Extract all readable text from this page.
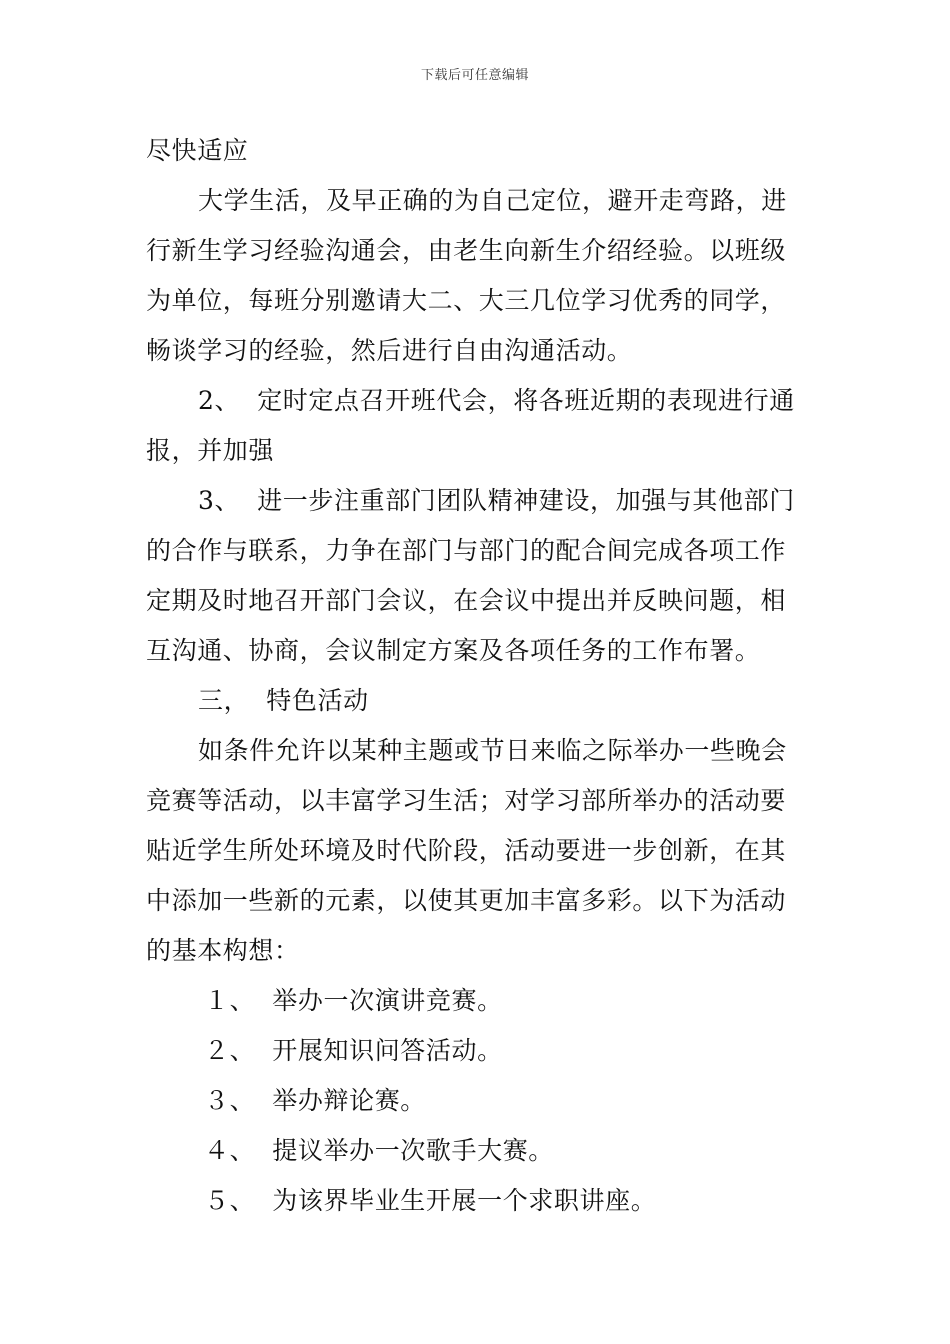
下载后可任意编辑
尽快适应
大学生活，及早正确的为自己定位，避开走弯路，进
行新生学习经验沟通会，由老生向新生介绍经验。以班级
为单位，每班分别邀请大二、大三几位学习优秀的同学，
畅谈学习的经验，然后进行自由沟通活动。
2、  定时定点召开班代会，将各班近期的表现进行通
报，并加强
3、  进一步注重部门团队精神建设，加强与其他部门
的合作与联系，力争在部门与部门的配合间完成各项工作
定期及时地召开部门会议，在会议中提出并反映问题，相
互沟通、协商，会议制定方案及各项任务的工作布署。
三，  特色活动
如条件允许以某种主题或节日来临之际举办一些晚会
竞赛等活动，以丰富学习生活；对学习部所举办的活动要
贴近学生所处环境及时代阶段，活动要进一步创新，在其
中添加一些新的元素，以使其更加丰富多彩。以下为活动
的基本构想：
１、  举办一次演讲竞赛。
２、  开展知识问答活动。
３、  举办辩论赛。
４、  提议举办一次歌手大赛。
５、  为该界毕业生开展一个求职讲座。
